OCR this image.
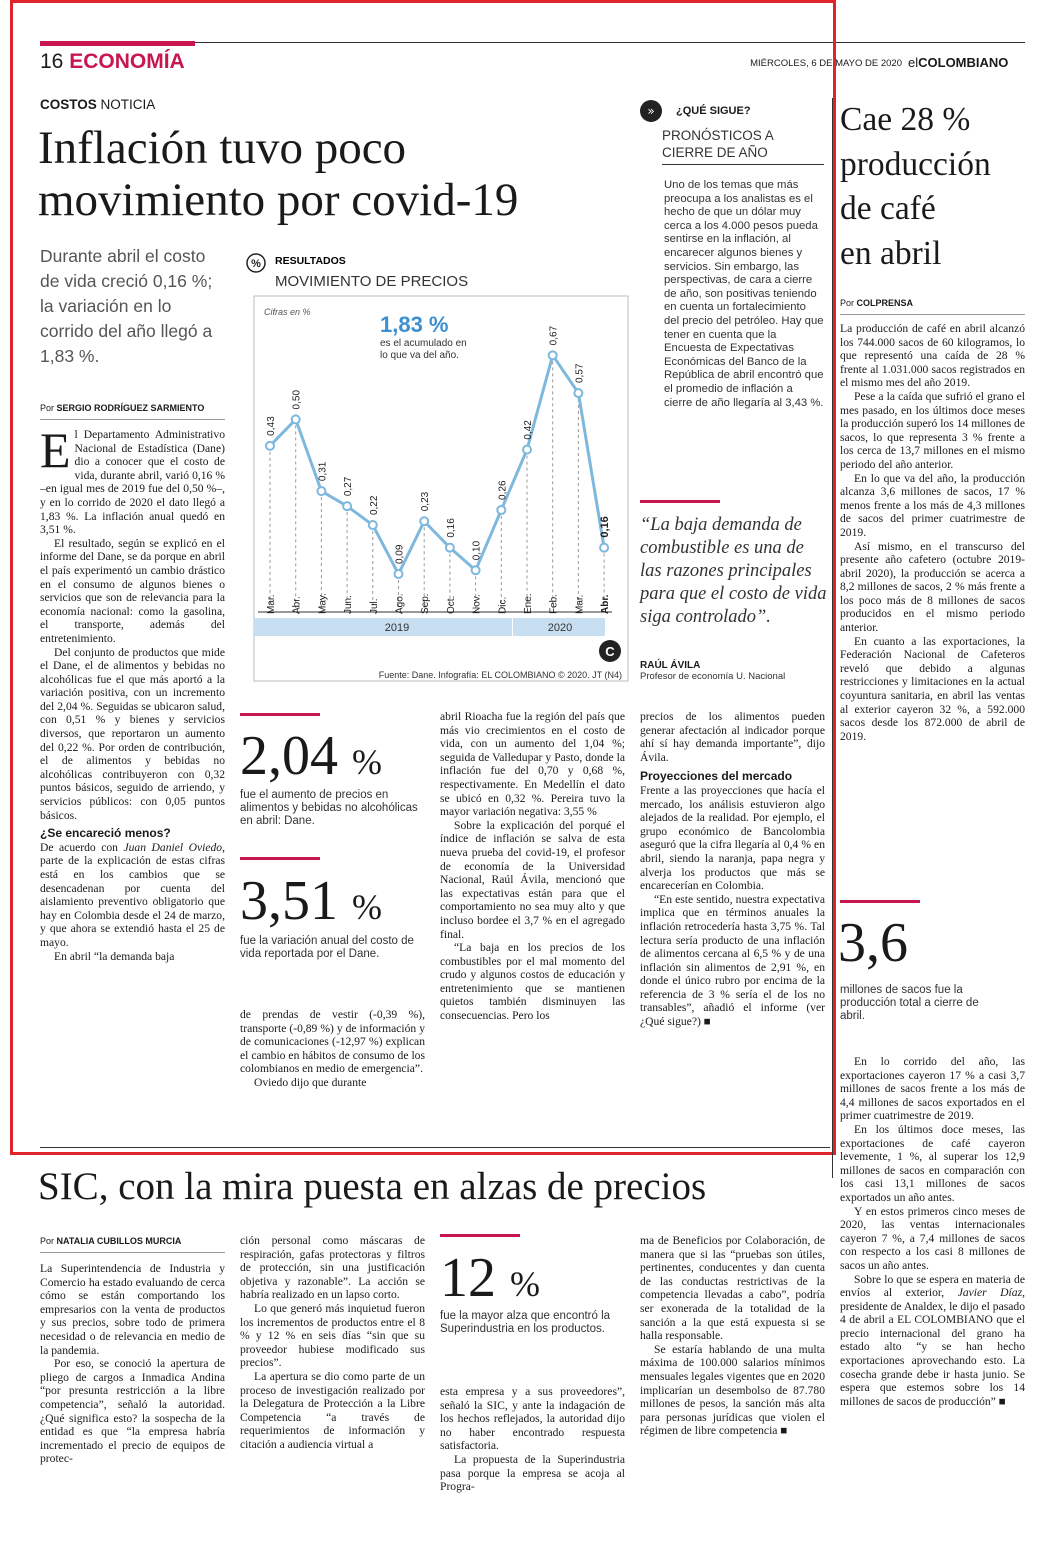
16 ECONOMÍA	MIÉRCOLES, 6 DE MAYO DE 2020 elCOLOMBIANO
COSTOS NOTICIA
Inflación tuvo poco
movimiento por covid-19
Durante abril el costo de vida creció 0,16 %; la variación en lo corrido del año llegó a 1,83 %.
Por SERGIO RODRÍGUEZ SARMIENTO
E l Departamento Administrativo Nacional de Estadística (Dane) dio a conocer que el costo de vida, durante abril, varió 0,16 % –en igual mes de 2019 fue del 0,50 %–, y en lo corrido de 2020 el dato llegó a 1,83 %. La inflación anual quedó en 3,51 %.

El resultado, según se explicó en el informe del Dane, se da porque en abril el país experimentó un cambio drástico en el consumo de algunos bienes o servicios que son de relevancia para la economía nacional: como la gasolina, el transporte, además del entretenimiento.

Del conjunto de productos que mide el Dane, el de alimentos y bebidas no alcohólicas fue el que más aportó a la variación positiva, con un incremento del 2,04 %. Seguidas se ubicaron salud, con 0,51 % y bienes y servicios diversos, que reportaron un aumento del 0,22 %. Por orden de contribución, el de alimentos y bebidas no alcohólicas contribuyeron con 0,32 puntos básicos, seguido de arriendo, y servicios públicos: con 0,05 puntos básicos.

¿Se encareció menos?

De acuerdo con Juan Daniel Oviedo, parte de la explicación de estas cifras está en los cambios que se desencadenan por cuenta del aislamiento preventivo obligatorio que hay en Colombia desde el 24 de marzo, y que ahora se extendió hasta el 25 de mayo.

En abril “la demanda baja

% RESULTADOS
MOVIMIENTO DE PRECIOS
Cifras en %	1,83 %
es el acumulado en
lo que va del año.
0,43
0,50
0,31
0,27
0,22
0,09
0,23
0,16
0,10
0,26
0,42
0,67
0,57
0,16
Mar. Abr. May. Jun. Jul. Ago. Sep. Oct. Nov. Dic. Ene. Feb. Mar. Abr.
2019	2020
C
Fuente: Dane. Infografía: EL COLOMBIANO © 2020. JT (N4)
2,04 %
fue el aumento de precios en alimentos y bebidas no alcohólicas en abril: Dane.
3,51 %
fue la variación anual del costo de vida reportada por el Dane.

de prendas de vestir (-0,39 %), transporte (-0,89 %) y de información y de comunicaciones (-12,97 %) explican el cambio en hábitos de consumo de los colombianos en medio de emergencia”.

Oviedo dijo que durante

abril Rioacha fue la región del país que más vio crecimientos en el costo de vida, con un aumento del 1,04 %; seguida de Valledupar y Pasto, donde la inflación fue del 0,70 y 0,68 %, respectivamente. En Medellín el dato se ubicó en 0,32 %. Pereira tuvo la mayor variación negativa: 3,55 %

Sobre la explicación del porqué el índice de inflación se salva de esta nueva prueba del covid-19, el profesor de economía de la Universidad Nacional, Raúl Ávila, mencionó que las expectativas están para que el comportamiento no sea muy alto y que incluso bordee el 3,7 % en el agregado final.

“La baja en los precios de los combustibles por el mal momento del crudo y algunos costos de educación y entretenimiento que se mantienen quietos también disminuyen las consecuencias. Pero los

»	¿QUÉ SIGUE?
PRONÓSTICOS A
CIERRE DE AÑO
Uno de los temas que más preocupa a los analistas es el hecho de que un dólar muy cerca a los 4.000 pesos pueda sentirse en la inflación, al encarecer algunos bienes y servicios. Sin embargo, las perspectivas, de cara a cierre de año, son positivas teniendo en cuenta un fortalecimiento del precio del petróleo. Hay que tener en cuenta que la Encuesta de Expectativas Económicas del Banco de la República de abril encontró que el promedio de inflación a cierre de año llegaría al 3,43 %.
“La baja demanda de combustible es una de las razones principales para que el costo de vida siga controlado”.
RAÚL ÁVILA
Profesor de economía U. Nacional

precios de los alimentos pueden generar afectación al indicador porque ahí sí hay demanda importante”, dijo Ávila.

Proyecciones del mercado

Frente a las proyecciones que hacía el mercado, los análisis estuvieron algo alejados de la realidad. Por ejemplo, el grupo económico de Bancolombia aseguró que la cifra llegaría al 0,4 % en abril, siendo la naranja, papa negra y alverja los productos que más se encarecerían en Colombia.

“En este sentido, nuestra expectativa implica que en términos anuales la inflación retrocedería hasta 3,75 %. Tal lectura sería producto de una inflación de alimentos cercana al 6,5 % y de una inflación sin alimentos de 2,91 %, en donde el único rubro por encima de la referencia de 3 % sería el de los no transables”, añadió el informe (ver ¿Qué sigue?) ■

Cae 28 %
producción
de café
en abril
Por COLPRENSA

La producción de café en abril alcanzó los 744.000 sacos de 60 kilogramos, lo que representó una caída de 28 % frente al 1.031.000 sacos registrados en el mismo mes del año 2019.

Pese a la caída que sufrió el grano el mes pasado, en los últimos doce meses la producción superó los 14 millones de sacos, lo que representa 3 % frente a los cerca de 13,7 millones en el mismo periodo del año anterior.

En lo que va del año, la producción alcanza 3,6 millones de sacos, 17 % menos frente a los más de 4,3 millones de sacos del primer cuatrimestre de 2019.

Así mismo, en el transcurso del presente año cafetero (octubre 2019-abril 2020), la producción se acerca a 8,2 millones de sacos, 2 % más frente a los poco más de 8 millones de sacos producidos en el mismo periodo anterior.

En cuanto a las exportaciones, la Federación Nacional de Cafeteros reveló que debido a algunas restricciones y limitaciones en la actual coyuntura sanitaria, en abril las ventas al exterior cayeron 32 %, a 592.000 sacos desde los 872.000 de abril de 2019.

3,6
millones de sacos fue la producción total a cierre de abril.

En lo corrido del año, las exportaciones cayeron 17 % a casi 3,7 millones de sacos frente a los más de 4,4 millones de sacos exportados en el primer cuatrimestre de 2019.

En los últimos doce meses, las exportaciones de café cayeron levemente, 1 %, al superar los 12,9 millones de sacos en comparación con los casi 13,1 millones de sacos exportados un año antes.

Y en estos primeros cinco meses de 2020, las ventas internacionales cayeron 7 %, a 7,4 millones de sacos con respecto a los casi 8 millones de sacos un año antes.

Sobre lo que se espera en materia de envíos al exterior, Javier Díaz, presidente de Analdex, le dijo el pasado 4 de abril a EL COLOMBIANO que el precio internacional del grano ha estado alto “y se han hecho exportaciones aprovechando esto. La cosecha grande debe ir hasta junio. Se espera que estemos sobre los 14 millones de sacos de producción” ■

SIC, con la mira puesta en alzas de precios
Por NATALIA CUBILLOS MURCIA

La Superintendencia de Industria y Comercio ha estado evaluando de cerca cómo se están comportando los empresarios con la venta de productos y sus precios, sobre todo de primera necesidad o de relevancia en medio de la pandemia.

Por eso, se conoció la apertura de pliego de cargos a Inmadica Andina “por presunta restricción a la libre competencia”, señaló la autoridad. ¿Qué significa esto? la sospecha de la entidad es que “la empresa habría incrementado el precio de equipos de protec-

ción personal como máscaras de respiración, gafas protectoras y filtros de protección, sin una justificación objetiva y razonable”. La acción se habría realizado en un lapso corto.

Lo que generó más inquietud fueron los incrementos de productos entre el 8 % y 12 % en seis días “sin que su proveedor hubiese modificado sus precios”.

La apertura se dio como parte de un proceso de investigación realizado por la Delegatura de Protección a la Libre Competencia “a través de requerimientos de información y citación a audiencia virtual a

12 %
fue la mayor alza que encontró la Superindustria en los productos.

esta empresa y a sus proveedores”, señaló la SIC, y ante la indagación de los hechos reflejados, la autoridad dijo no haber encontrado respuesta satisfactoria.

La propuesta de la Superindustria pasa porque la empresa se acoja al Progra-

ma de Beneficios por Colaboración, de manera que si las “pruebas son útiles, pertinentes, conducentes y dan cuenta de las conductas restrictivas de la competencia llevadas a cabo”, podría ser exonerada de la totalidad de la sanción a la que está expuesta si se halla responsable.

Se estaría hablando de una multa máxima de 100.000 salarios mínimos mensuales legales vigentes que en 2020 implicarían un desembolso de 87.780 millones de pesos, la sanción más alta para personas jurídicas que violen el régimen de libre competencia ■
